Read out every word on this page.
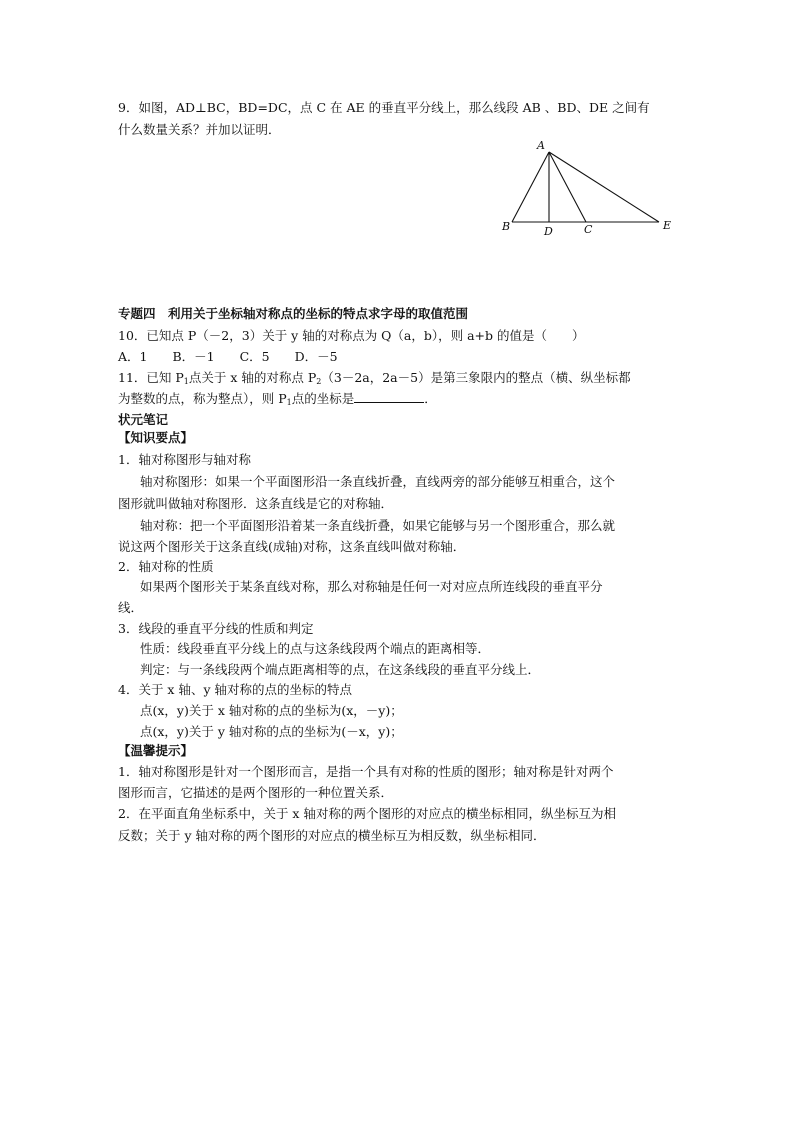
9．如图，AD⊥BC，BD=DC，点 C 在 AE 的垂直平分线上，那么线段 AB 、BD、DE 之间有
什么数量关系？并加以证明．
A
B	D	C	E
专题四　利用关于坐标轴对称点的坐标的特点求字母的取值范围
10．已知点 P（－2，3）关于 y 轴的对称点为 Q（a，b），则 a+b 的值是（　　）
A．1　　B．－1　　C．5　　D．－5
11．已知 $P_1$点关于 x 轴的对称点 $P_2(3-2a$，2a－5）是第三象限内的整点（横、纵坐标都
为整数的点，称为整点），则 $P_1$点的坐标是	．
状元笔记
【知识要点】
1．轴对称图形与轴对称
轴对称图形：如果一个平面图形沿一条直线折叠，直线两旁的部分能够互相重合，这个
图形就叫做轴对称图形．这条直线是它的对称轴．
轴对称：把一个平面图形沿着某一条直线折叠，如果它能够与另一个图形重合，那么就
说这两个图形关于这条直线(成轴)对称，这条直线叫做对称轴．
2．轴对称的性质
如果两个图形关于某条直线对称，那么对称轴是任何一对对应点所连线段的垂直平分
线．
3．线段的垂直平分线的性质和判定
性质：线段垂直平分线上的点与这条线段两个端点的距离相等．
判定：与一条线段两个端点距离相等的点，在这条线段的垂直平分线上．
4．关于 x 轴、y 轴对称的点的坐标的特点
点(x，y)关于 x 轴对称的点的坐标为(x，－y)；
点(x，y)关于 y 轴对称的点的坐标为(－x，y)；
【温馨提示】
1．轴对称图形是针对一个图形而言，是指一个具有对称的性质的图形；轴对称是针对两个
图形而言，它描述的是两个图形的一种位置关系．
2．在平面直角坐标系中，关于 x 轴对称的两个图形的对应点的横坐标相同，纵坐标互为相
反数；关于 y 轴对称的两个图形的对应点的横坐标互为相反数，纵坐标相同．
